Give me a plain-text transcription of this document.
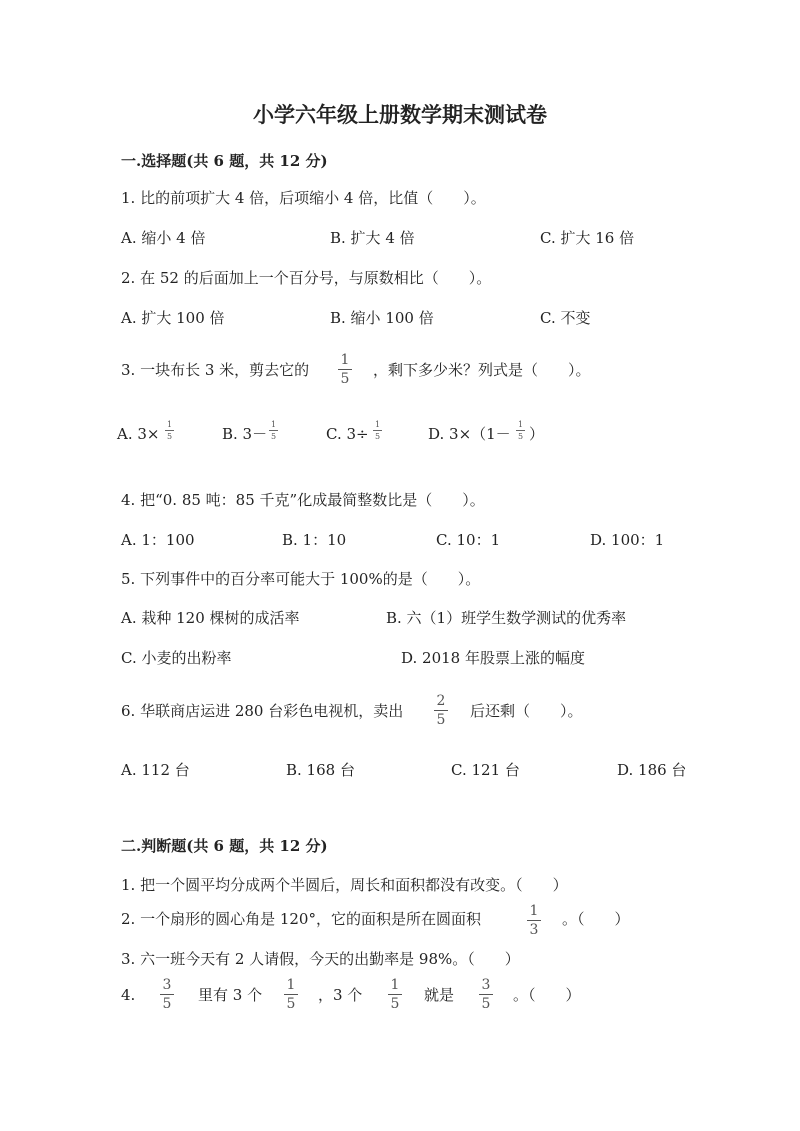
小学六年级上册数学期末测试卷
一.选择题(共 6 题，共 12 分)
1. 比的前项扩大 4 倍，后项缩小 4 倍，比值（　　）。
A. 缩小 4 倍	B. 扩大 4 倍	C. 扩大 16 倍
2. 在 52 的后面加上一个百分号，与原数相比（　　）。
A. 扩大 100 倍	B. 缩小 100 倍	C. 不变
3. 一块布长 3 米，剪去它的
1
5 ，剩下多少米？列式是（　　）。
A. 3×
1
5	B. 3－
1
5	C. 3÷
1
5	D. 3×（1－
1
5 ）
4. 把“0. 85 吨：85 千克”化成最简整数比是（　　）。
A. 1：100	B. 1：10	C. 10：1	D. 100：1
5. 下列事件中的百分率可能大于 100%的是（　　）。
A. 栽种 120 棵树的成活率	B. 六（1）班学生数学测试的优秀率
C. 小麦的出粉率	D. 2018 年股票上涨的幅度
6. 华联商店运进 280 台彩色电视机，卖出
2
5 后还剩（　　）。
A. 112 台	B. 168 台	C. 121 台	D. 186 台
二.判断题(共 6 题，共 12 分)
1. 把一个圆平均分成两个半圆后，周长和面积都没有改变。（　　）
2. 一个扇形的圆心角是 120°，它的面积是所在圆面积	1
3
。（　　）
3. 六一班今天有 2 人请假，今天的出勤率是 98%。（　　）
4.
3
5 里有 3 个
1
5 ，3 个
1
5 就是
3
5 。（　　）
